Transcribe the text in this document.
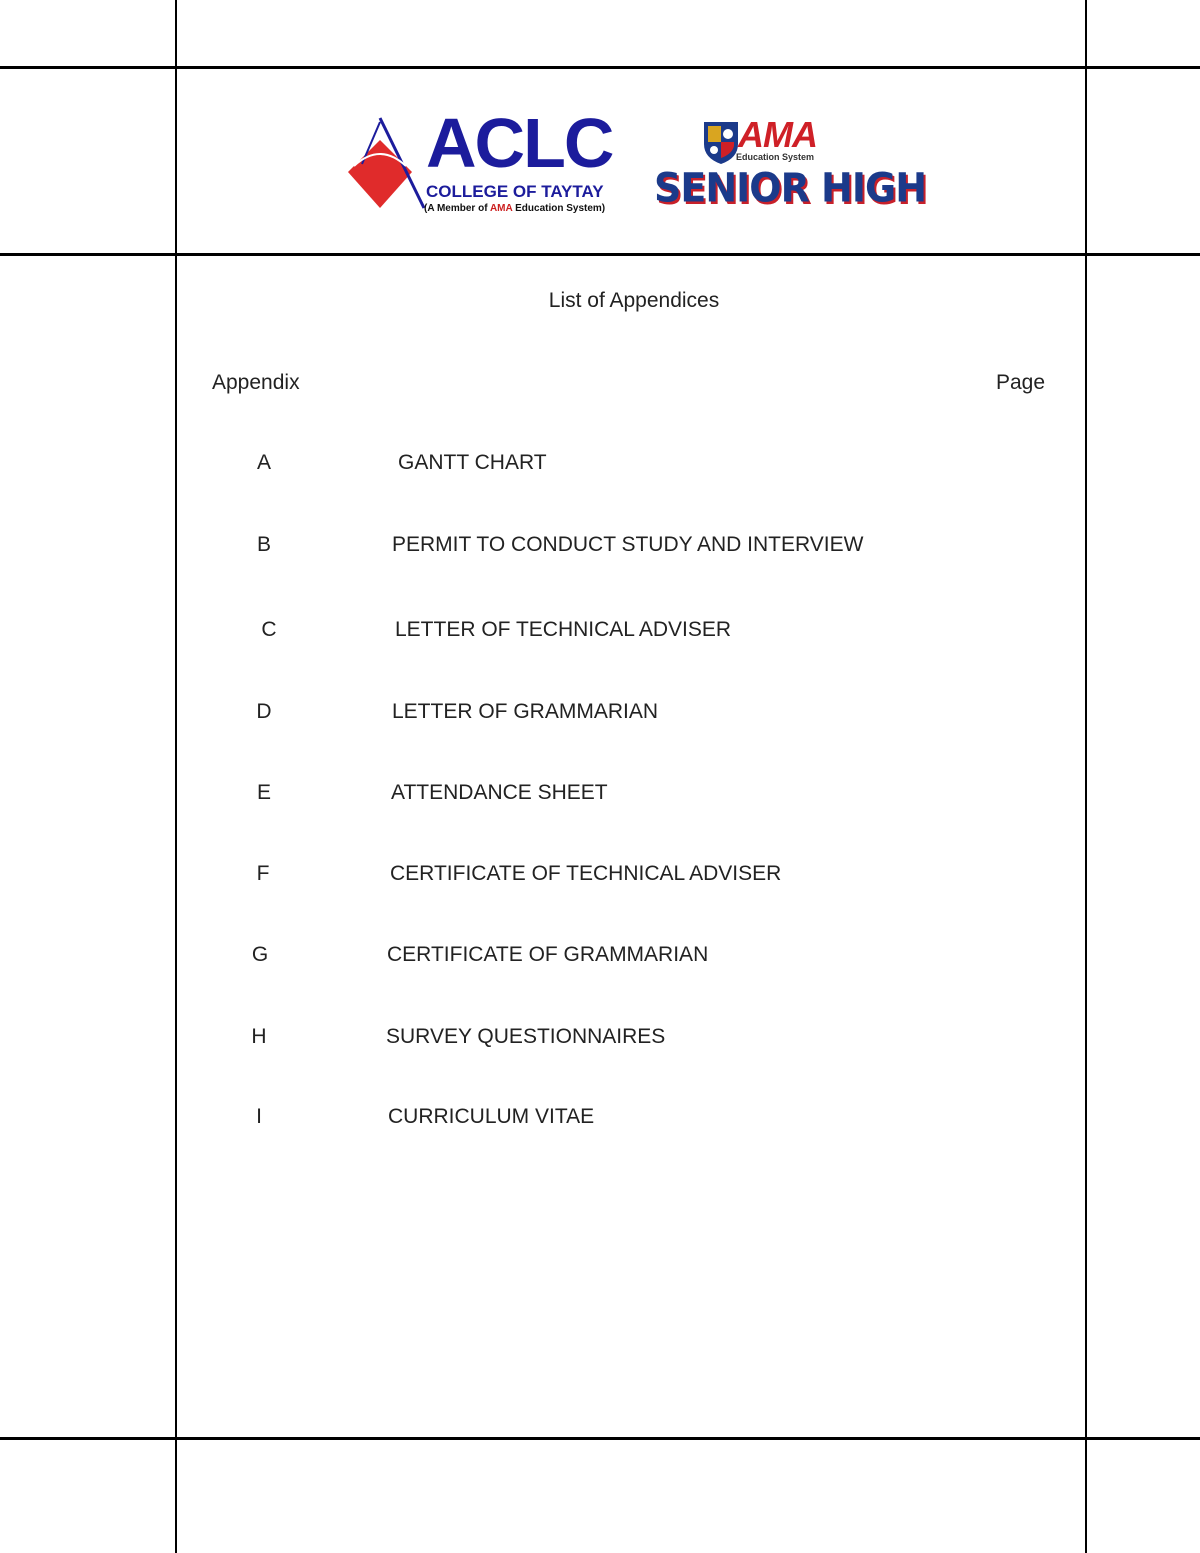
ACLC
COLLEGE OF TAYTAY
(A Member of AMA Education System)
AMA
Education System
SENIOR HIGH
List of Appendices
Appendix	Page
A	GANTT CHART
B	PERMIT TO CONDUCT STUDY AND INTERVIEW
C	LETTER OF TECHNICAL ADVISER
D	LETTER OF GRAMMARIAN
E	ATTENDANCE SHEET
F	CERTIFICATE OF TECHNICAL ADVISER
G	CERTIFICATE OF GRAMMARIAN
H	SURVEY QUESTIONNAIRES
I	CURRICULUM VITAE
